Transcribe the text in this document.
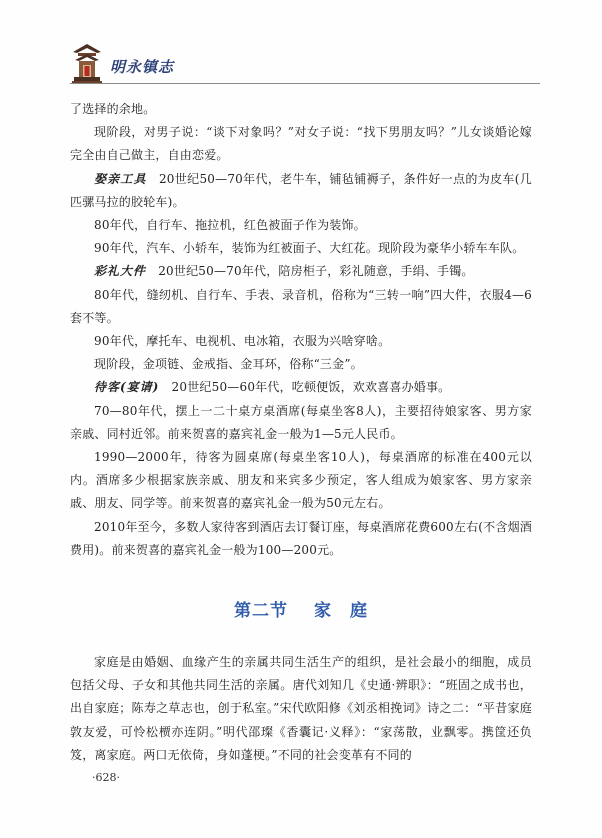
明永镇志

了选择的余地。

现阶段，对男子说：“谈下对象吗？”对女子说：“找下男朋友吗？”儿女谈婚论嫁完全由自己做主，自由恋爱。

娶亲工具　20世纪50—70年代，老牛车，铺毡铺褥子，条件好一点的为皮车(几匹骡马拉的胶轮车)。

80年代，自行车、拖拉机，红色被面子作为装饰。

90年代，汽车、小轿车，装饰为红被面子、大红花。现阶段为豪华小轿车车队。

彩礼大件　20世纪50—70年代，陪房柜子，彩礼随意，手绢、手镯。

80年代，缝纫机、自行车、手表、录音机，俗称为“三转一响”四大件，衣服4—6套不等。

90年代，摩托车、电视机、电冰箱，衣服为兴啥穿啥。

现阶段，金项链、金戒指、金耳环，俗称“三金”。

待客(宴请)　20世纪50—60年代，吃顿便饭，欢欢喜喜办婚事。

70—80年代，摆上一二十桌方桌酒席(每桌坐客8人)，主要招待娘家客、男方家亲戚、同村近邻。前来贺喜的嘉宾礼金一般为1—5元人民币。

1990—2000年，待客为圆桌席(每桌坐客10人)，每桌酒席的标准在400元以内。酒席多少根据家族亲戚、朋友和来宾多少预定，客人组成为娘家客、男方家亲戚、朋友、同学等。前来贺喜的嘉宾礼金一般为50元左右。

2010年至今，多数人家待客到酒店去订餐订座，每桌酒席花费600左右(不含烟酒费用)。前来贺喜的嘉宾礼金一般为100—200元。

第二节 家　庭

家庭是由婚姻、血缘产生的亲属共同生活生产的组织，是社会最小的细胞，成员包括父母、子女和其他共同生活的亲属。唐代刘知几《史通·辨职》：“班固之成书也，出自家庭；陈寿之草志也，创于私室。”宋代欧阳修《刘丞相挽词》诗之二：“平昔家庭敦友爱，可怜松槚亦连阴。”明代邵璨《香囊记·义释》：“家荡散，业飘零。携筐还负笈，离家庭。两口无依倚，身如蓬梗。”不同的社会变革有不同的

·628·
